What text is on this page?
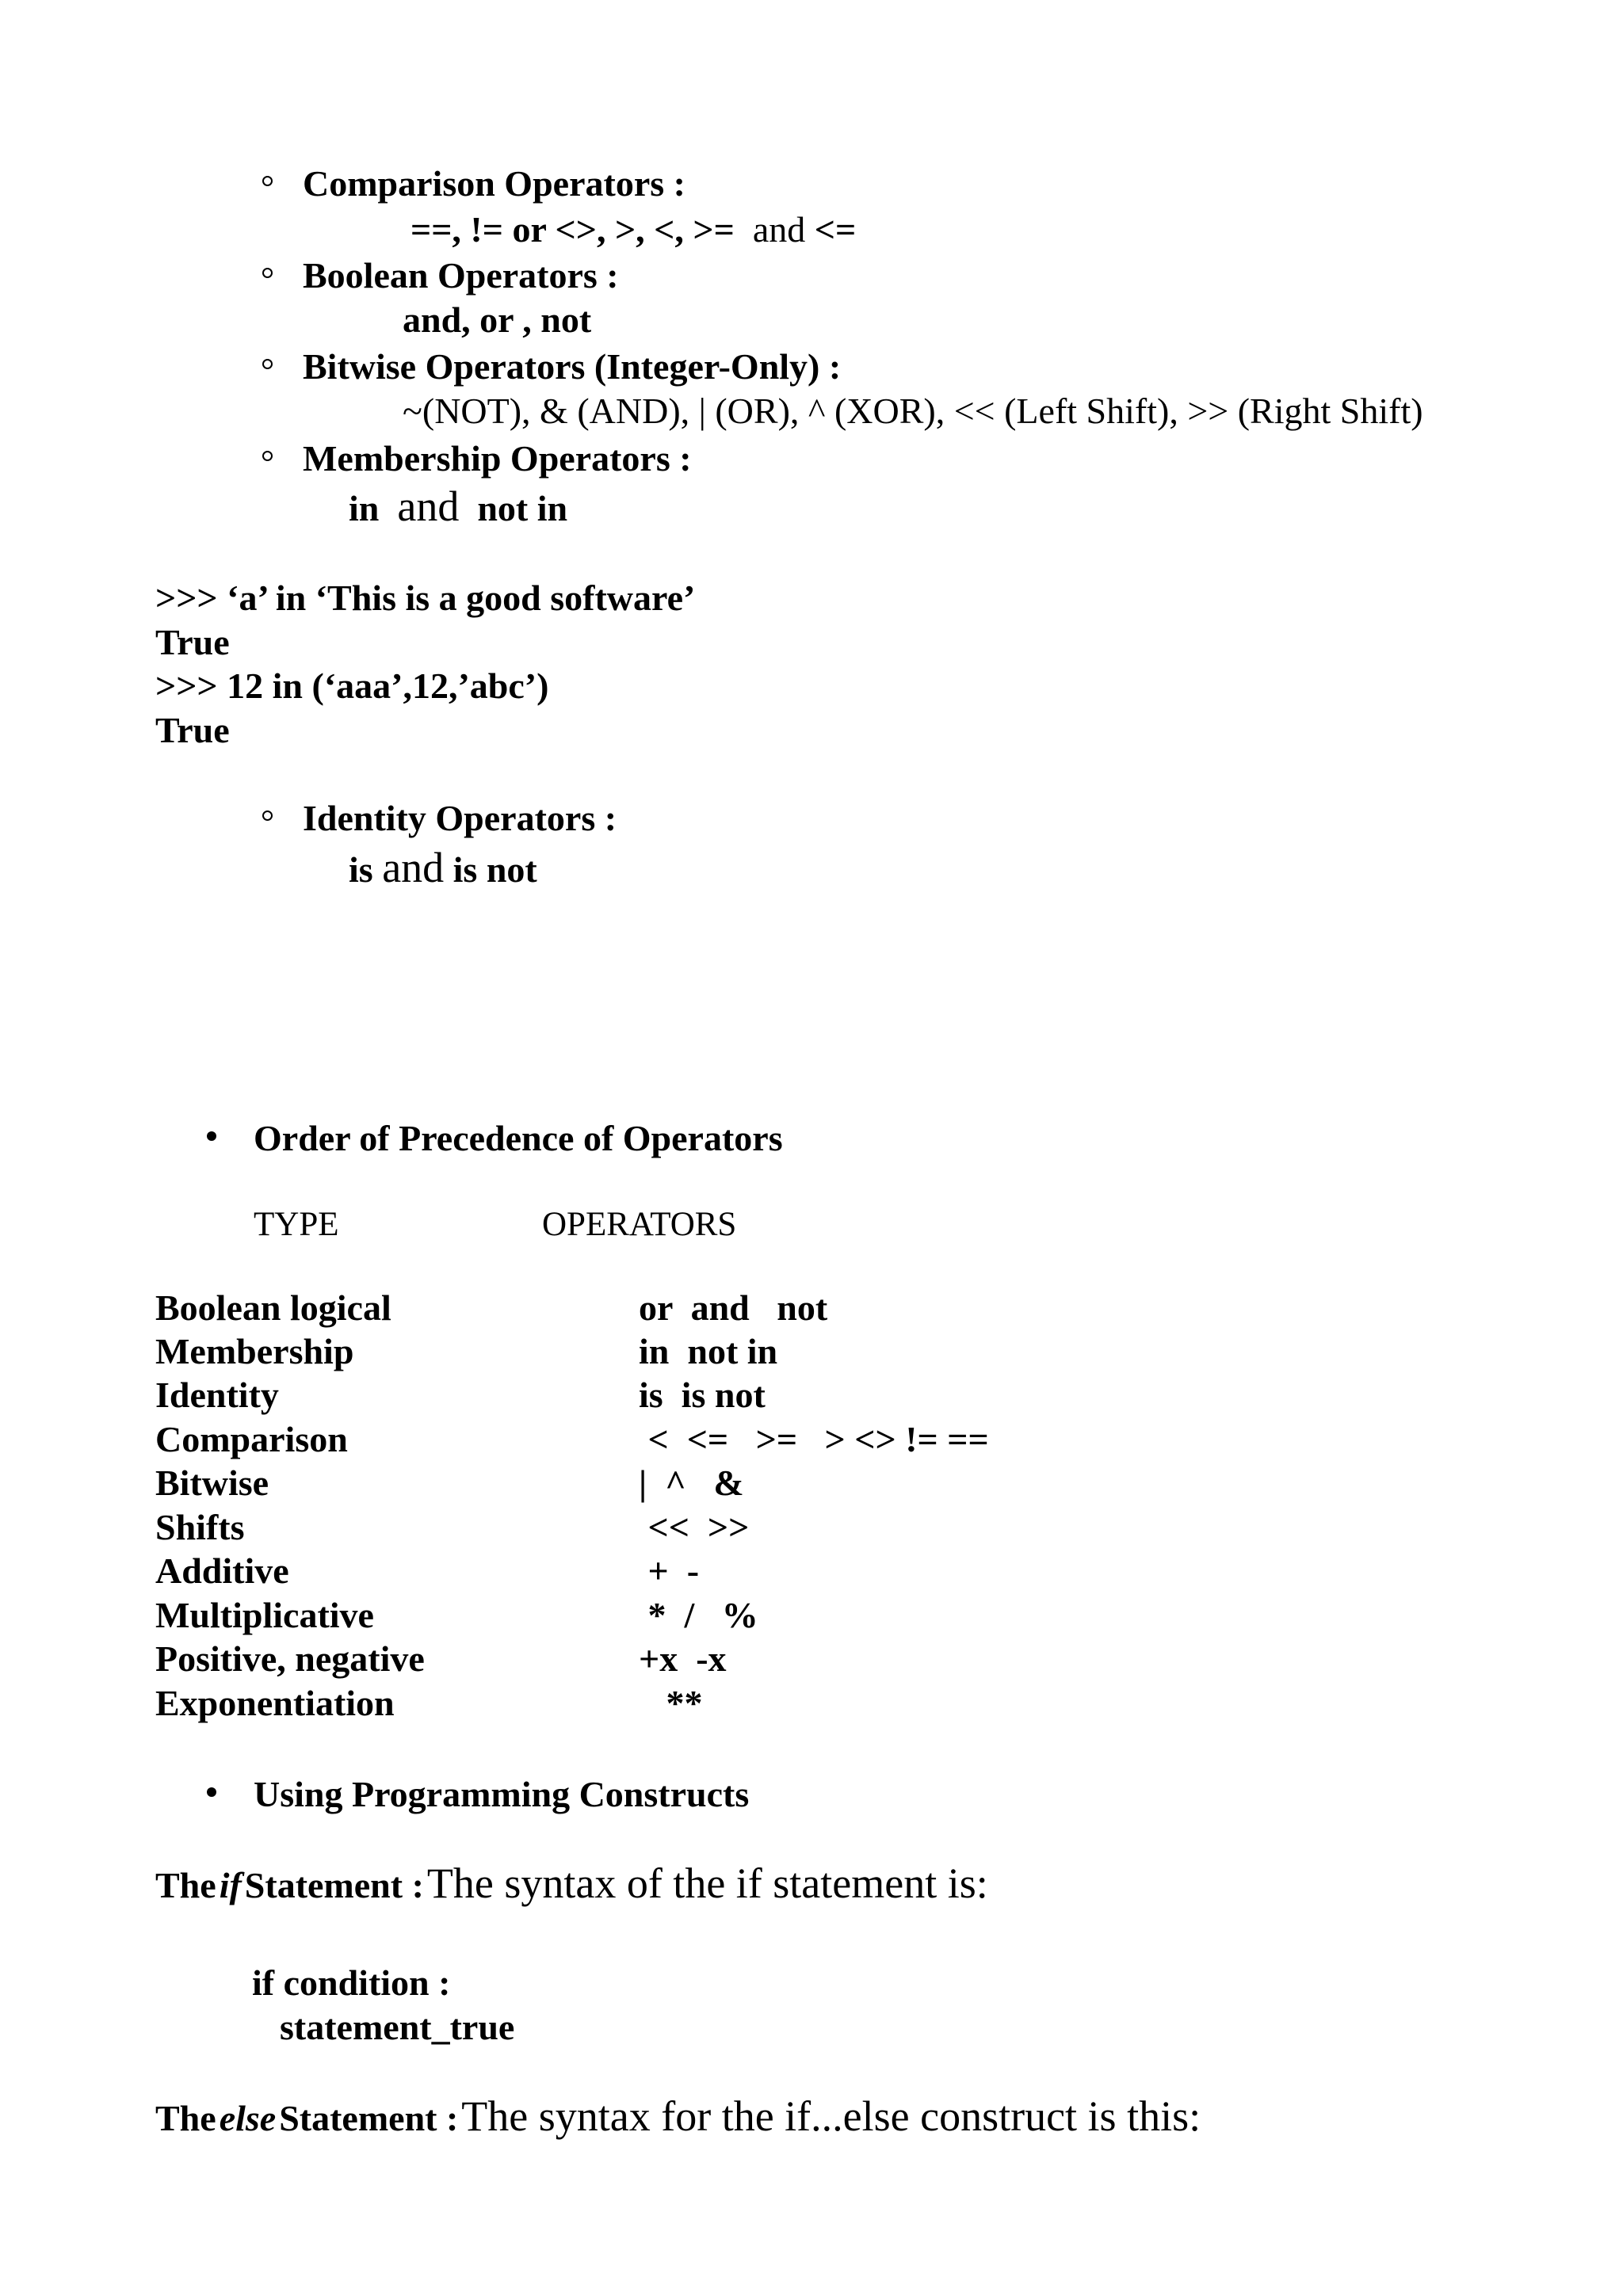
Comparison Operators :
==, != or <>, >, <, >= and <=
Boolean Operators :
and, or , not
Bitwise Operators (Integer-Only) :
~(NOT), & (AND), | (OR), ^ (XOR), << (Left Shift), >> (Right Shift)
Membership Operators :
in and not in
>>> ‘a’ in ‘This is a good software’
True
>>> 12 in (‘aaa’,12,’abc’)
True
Identity Operators :
is and is not
Order of Precedence of Operators
TYPE	OPERATORS
Boolean logical	or  and   not
Membership	in  not in
Identity	is  is not
Comparison	<  <=   >=   > <> != ==
Bitwise	|  ^   &
Shifts	<<  >>
Additive	+  -
Multiplicative	*  /   %
Positive, negative	+x  -x
Exponentiation	**
Using Programming Constructs
The if Statement : The syntax of the if statement is:
if condition :
statement_true
The else Statement : The syntax for the if...else construct is this:
